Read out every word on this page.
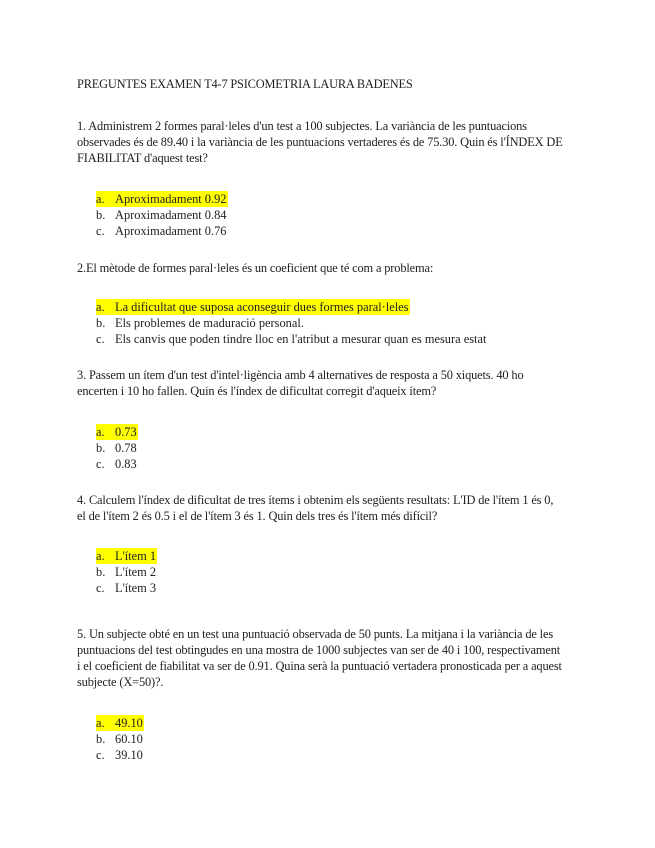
PREGUNTES EXAMEN T4-7 PSICOMETRIA LAURA BADENES
1. Administrem 2 formes paral·leles d'un test a 100 subjectes. La variància de les puntuacions
observades és de 89.40 i la variància de les puntuacions vertaderes és de 75.30. Quin és l'ÍNDEX DE
FIABILITAT d'aquest test?
a. Aproximadament 0.92
b. Aproximadament 0.84
c. Aproximadament 0.76
2.El mètode de formes paral·leles és un coeficient que té com a problema:
a. La dificultat que suposa aconseguir dues formes paral·leles
b. Els problemes de maduració personal.
c. Els canvis que poden tindre lloc en l'atribut a mesurar quan es mesura estat
3. Passem un ítem d'un test d'intel·ligència amb 4 alternatives de resposta a 50 xiquets. 40 ho
encerten i 10 ho fallen. Quin és l'índex de dificultat corregit d'aqueix ítem?
a. 0.73
b. 0.78
c. 0.83
4. Calculem l'índex de dificultat de tres ítems i obtenim els següents resultats: L'ID de l'ítem 1 és 0,
el de l'ítem 2 és 0.5 i el de l'ítem 3 és 1. Quin dels tres és l'ítem més difícil?
a. L'ítem 1
b. L'ítem 2
c. L'ítem 3
5. Un subjecte obté en un test una puntuació observada de 50 punts. La mitjana i la variància de les
puntuacions del test obtingudes en una mostra de 1000 subjectes van ser de 40 i 100, respectivament
i el coeficient de fiabilitat va ser de 0.91. Quina serà la puntuació vertadera pronosticada per a aquest
subjecte (X=50)?.
a. 49.10
b. 60.10
c. 39.10
